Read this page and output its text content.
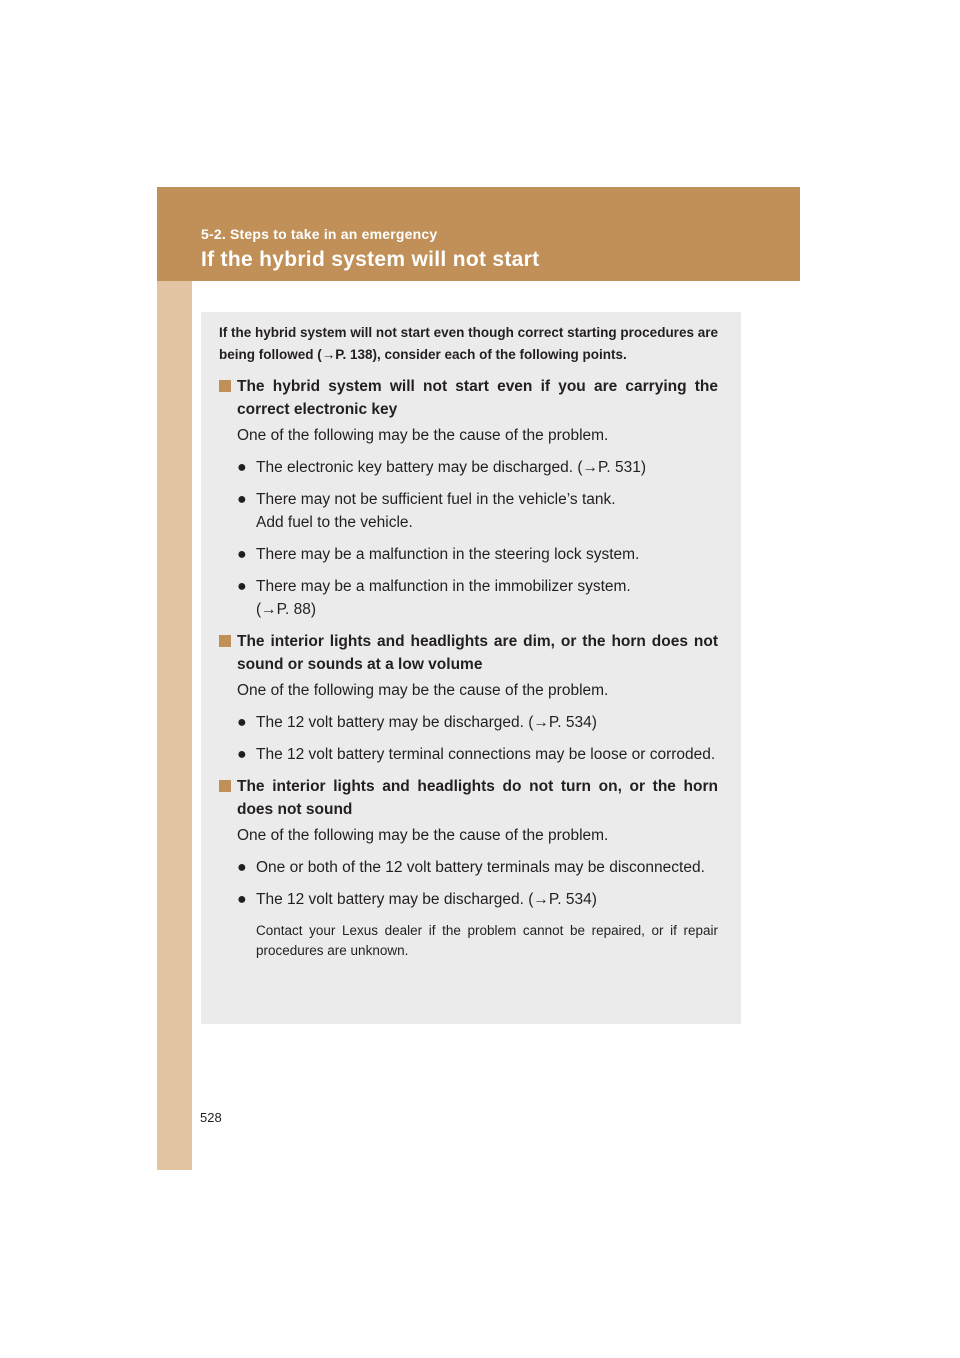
5-2. Steps to take in an emergency
If the hybrid system will not start

If the hybrid system will not start even though correct starting procedures are being followed (→P. 138), consider each of the following points.

The hybrid system will not start even if you are carrying the correct electronic key
One of the following may be the cause of the problem.
● The electronic key battery may be discharged. (→P. 531)
● There may not be sufficient fuel in the vehicle’s tank.
Add fuel to the vehicle.
● There may be a malfunction in the steering lock system.
● There may be a malfunction in the immobilizer system.
(→P. 88)
The interior lights and headlights are dim, or the horn does not sound or sounds at a low volume
One of the following may be the cause of the problem.
● The 12 volt battery may be discharged. (→P. 534)
● The 12 volt battery terminal connections may be loose or corroded.
The interior lights and headlights do not turn on, or the horn does not sound
One of the following may be the cause of the problem.
● One or both of the 12 volt battery terminals may be disconnected.
● The 12 volt battery may be discharged. (→P. 534)
Contact your Lexus dealer if the problem cannot be repaired, or if repair procedures are unknown.
528
